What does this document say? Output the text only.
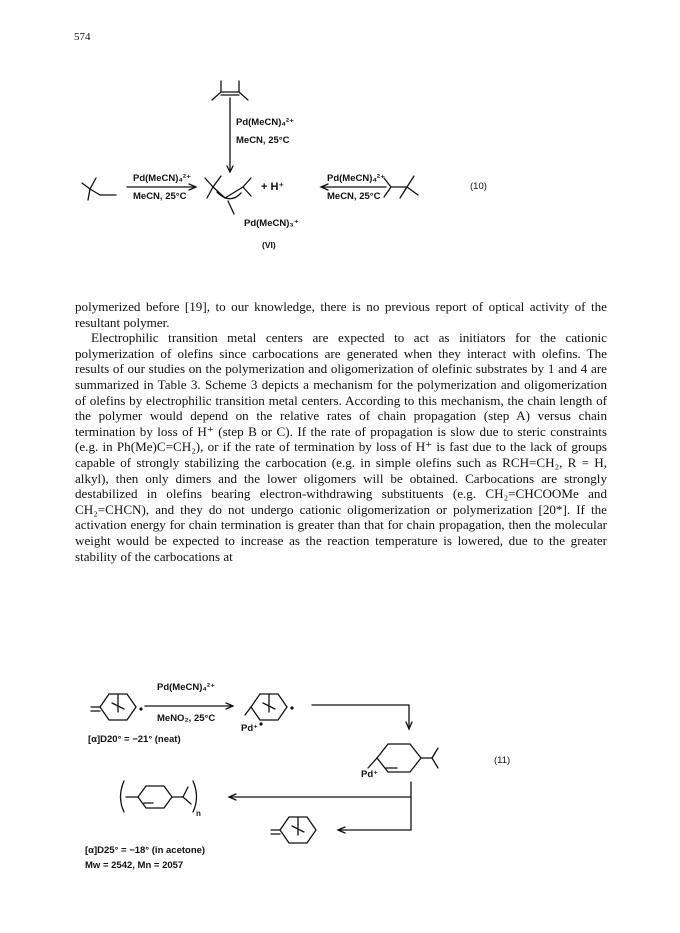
574
Pd(MeCN)₄²⁺
MeCN, 25°C
Pd(MeCN)₄²⁺
MeCN, 25°C
+ H⁺
Pd(MeCN)₄²⁺
MeCN, 25°C
Pd(MeCN)₃⁺
(VI)
(10)
Pd(MeCN)₄²⁺
MeNO₂, 25°C
Pd⁺
Pd⁺
[α]D20° = −21° (neat)
n
[α]D25° = −18° (in acetone)
Mw = 2542, Mn = 2057
(11)

polymerized before [19], to our knowledge, there is no previous report of optical activity of the resultant polymer.

Electrophilic transition metal centers are expected to act as initiators for the cationic polymerization of olefins since carbocations are generated when they interact with olefins. The results of our studies on the polymerization and oligomerization of olefinic substrates by 1 and 4 are summarized in Table 3. Scheme 3 depicts a mechanism for the polymerization and oligomerization of olefins by electrophilic transition metal centers. According to this mechanism, the chain length of the polymer would depend on the relative rates of chain propagation (step A) versus chain termination by loss of H⁺ (step B or C). If the rate of propagation is slow due to steric constraints (e.g. in Ph(Me)C=CH₂), or if the rate of termination by loss of H⁺ is fast due to the lack of groups capable of strongly stabilizing the carbocation (e.g. in simple olefins such as RCH=CH₂, R = H, alkyl), then only dimers and the lower oligomers will be obtained. Carbocations are strongly destabilized in olefins bearing electron-withdrawing substituents (e.g. CH₂=CHCOOMe and CH₂=CHCN), and they do not undergo cationic oligomerization or polymerization [20*]. If the activation energy for chain termination is greater than that for chain propagation, then the molecular weight would be expected to increase as the reaction temperature is lowered, due to the greater stability of the carbocations at
